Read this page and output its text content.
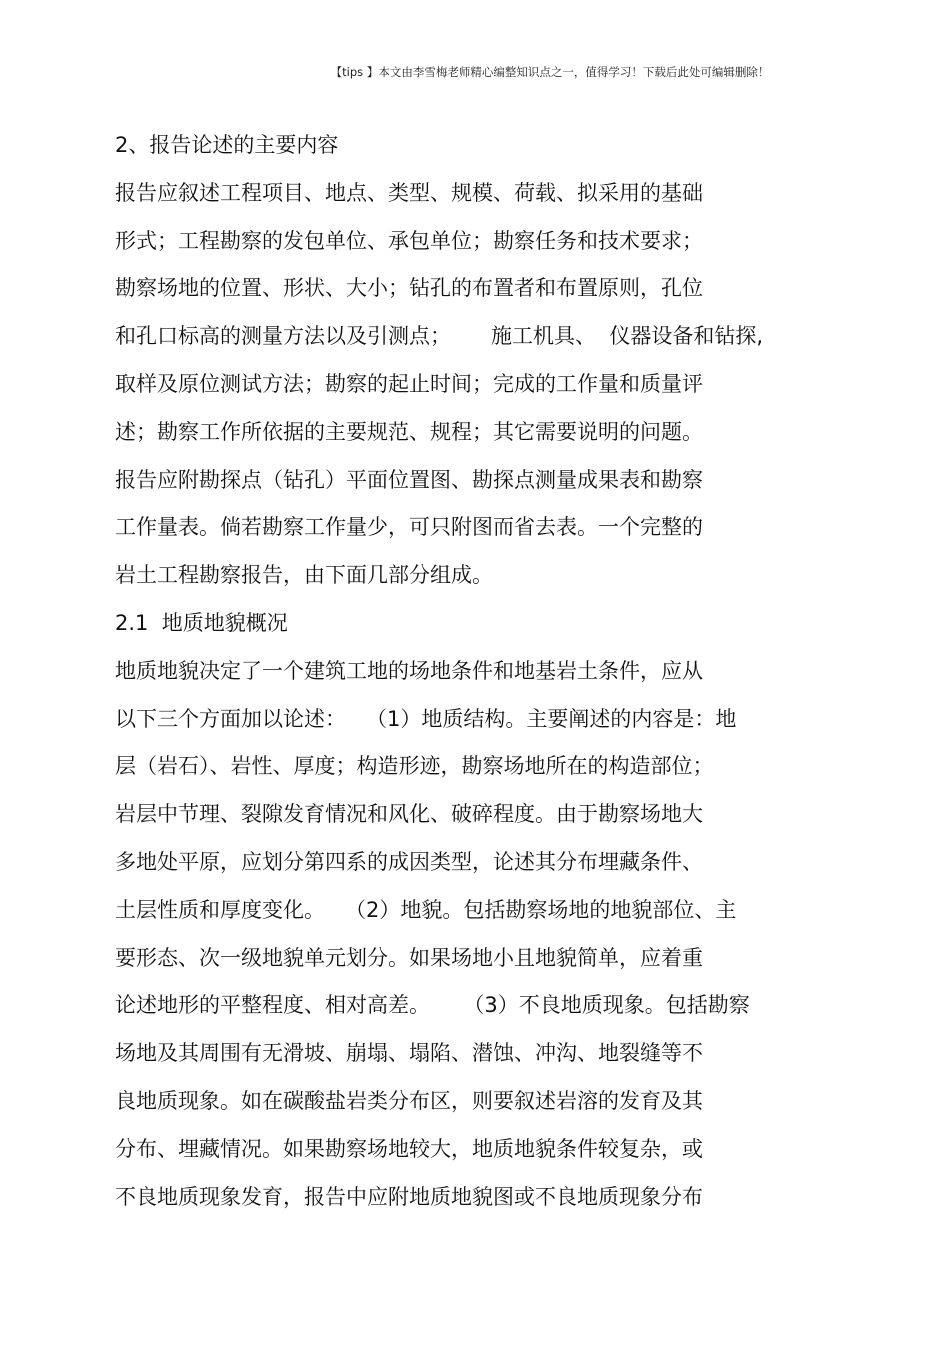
【tips 】本文由李雪梅老师精心编整知识点之一，值得学习！下载后此处可编辑删除！
2、报告论述的主要内容
报告应叙述工程项目、地点、类型、规模、荷载、拟采用的基础
形式；工程勘察的发包单位、承包单位；勘察任务和技术要求；
勘察场地的位置、形状、大小；钻孔的布置者和布置原则，孔位
和孔口标高的测量方法以及引测点；      施工机具、  仪器设备和钻探,
取样及原位测试方法；勘察的起止时间；完成的工作量和质量评
述；勘察工作所依据的主要规范、规程；其它需要说明的问题。
报告应附勘探点（钻孔）平面位置图、勘探点测量成果表和勘察
工作量表。倘若勘察工作量少，可只附图而省去表。一个完整的
岩土工程勘察报告，由下面几部分组成。
2.1  地质地貌概况
地质地貌决定了一个建筑工地的场地条件和地基岩土条件，应从
以下三个方面加以论述：   （1）地质结构。主要阐述的内容是：地
层（岩石）、岩性、厚度；构造形迹，勘察场地所在的构造部位；
岩层中节理、裂隙发育情况和风化、破碎程度。由于勘察场地大
多地处平原，应划分第四系的成因类型，论述其分布埋藏条件、
土层性质和厚度变化。   （2）地貌。包括勘察场地的地貌部位、主
要形态、次一级地貌单元划分。如果场地小且地貌简单，应着重
论述地形的平整程度、相对高差。     （3）不良地质现象。包括勘察
场地及其周围有无滑坡、崩塌、塌陷、潜蚀、冲沟、地裂缝等不
良地质现象。如在碳酸盐岩类分布区，则要叙述岩溶的发育及其
分布、埋藏情况。如果勘察场地较大，地质地貌条件较复杂，或
不良地质现象发育，报告中应附地质地貌图或不良地质现象分布
